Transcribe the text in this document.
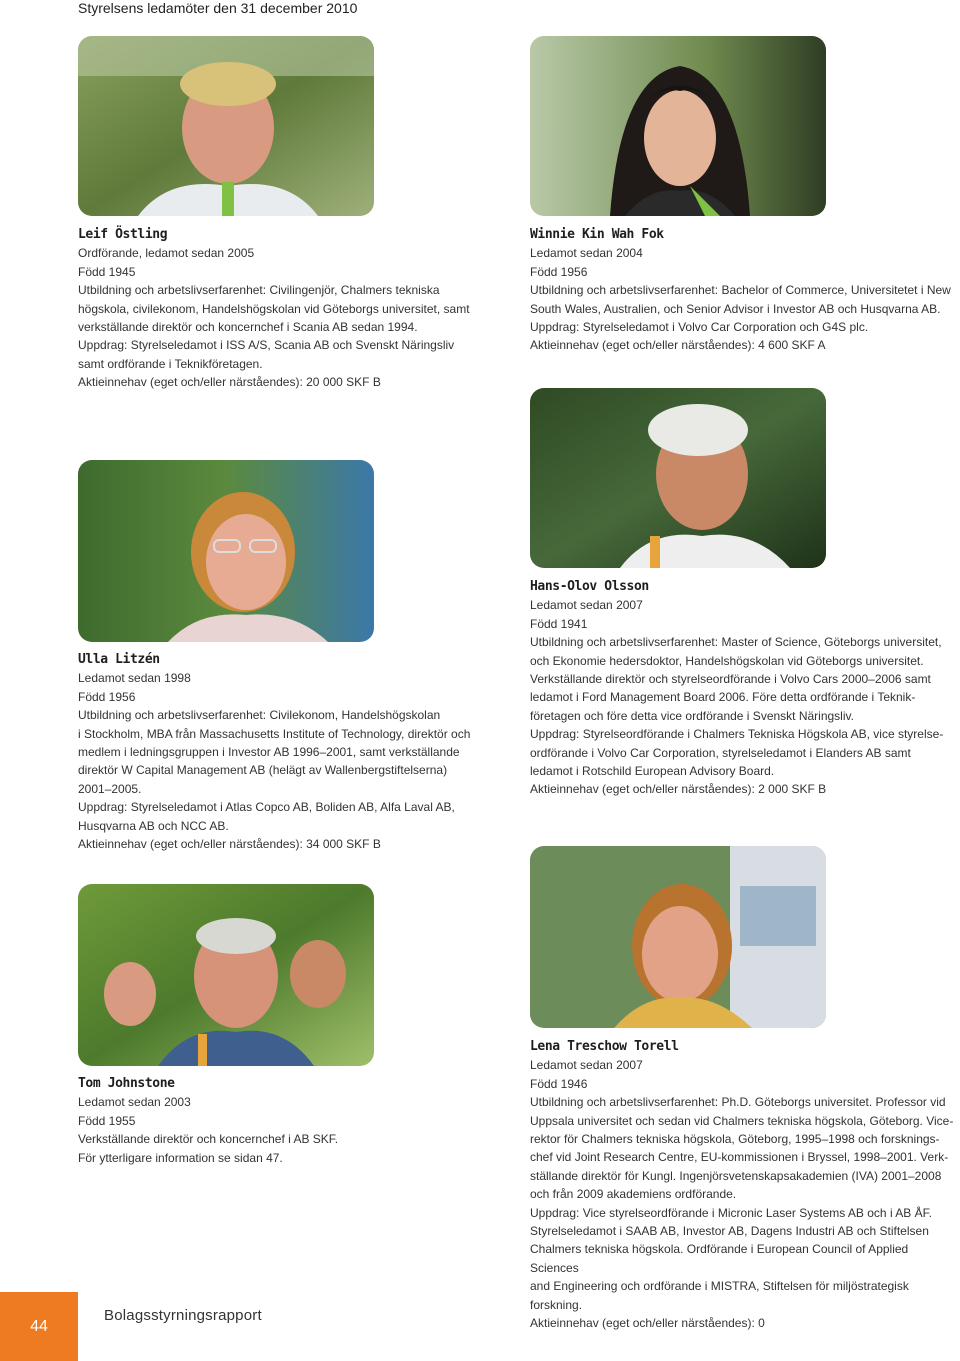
Styrelsens ledamöter den 31 december 2010

Leif Östling

Ordförande, ledamot sedan 2005

Född 1945

Utbildning och arbetslivserfarenhet: Civilingenjör, Chalmers tekniska

högskola, civilekonom, Handelshögskolan vid Göteborgs universitet, samt

verkställande direktör och koncernchef i Scania AB sedan 1994.

Uppdrag: Styrelseledamot i ISS A/S, Scania AB och Svenskt Näringsliv

samt ordförande i Teknikföretagen.

Aktieinnehav (eget och/eller närståendes): 20 000 SKF B

Winnie Kin Wah Fok

Ledamot sedan 2004

Född 1956

Utbildning och arbetslivserfarenhet: Bachelor of Commerce, Universitetet i New

South Wales, Australien, och Senior Advisor i Investor AB och Husqvarna AB.

Uppdrag: Styrelseledamot i Volvo Car Corporation och G4S plc.

Aktieinnehav (eget och/eller närståendes): 4 600 SKF A

Ulla Litzén

Ledamot sedan 1998

Född 1956

Utbildning och arbetslivserfarenhet: Civilekonom, Handelshögskolan

i Stockholm, MBA från Massachusetts Institute of Technology, direktör och

medlem i ledningsgruppen i Investor AB 1996–2001, samt verkställande

direktör W Capital Management AB (helägt av Wallenbergstiftelserna)

2001–2005.

Uppdrag: Styrelseledamot i Atlas Copco AB, Boliden AB, Alfa Laval AB,

Husqvarna AB och NCC AB.

Aktieinnehav (eget och/eller närståendes): 34 000 SKF B

Hans-Olov Olsson

Ledamot sedan 2007

Född 1941

Utbildning och arbetslivserfarenhet: Master of Science, Göteborgs universitet,

och Ekonomie hedersdoktor, Handelshögskolan vid Göteborgs universitet.

Verkställande direktör och styrelseordförande i Volvo Cars 2000–2006 samt

ledamot i Ford Management Board 2006. Före detta ordförande i Teknik-

företagen och före detta vice ordförande i Svenskt Näringsliv.

Uppdrag: Styrelseordförande i Chalmers Tekniska Högskola AB, vice styrelse-

ordförande i Volvo Car Corporation, styrelseledamot i Elanders AB samt

ledamot i Rotschild European Advisory Board.

Aktieinnehav (eget och/eller närståendes): 2 000 SKF B

Tom Johnstone

Ledamot sedan 2003

Född 1955

Verkställande direktör och koncernchef i AB SKF.

För ytterligare information se sidan 47.

Lena Treschow Torell

Ledamot sedan 2007

Född 1946

Utbildning och arbetslivserfarenhet: Ph.D. Göteborgs universitet. Professor vid

Uppsala universitet och sedan vid Chalmers tekniska högskola, Göteborg. Vice-

rektor för Chalmers tekniska högskola, Göteborg, 1995–1998 och forsknings-

chef vid Joint Research Centre, EU-kommissionen i Bryssel, 1998–2001. Verk-

ställande direktör för Kungl. Ingenjörsvetenskapsakademien (IVA) 2001–2008

och från 2009 akademiens ordförande.

Uppdrag: Vice styrelseordförande i Micronic Laser Systems AB och i AB ÅF.

Styrelseledamot i SAAB AB, Investor AB, Dagens Industri AB och Stiftelsen

Chalmers tekniska högskola. Ordförande i European Council of Applied Sciences

and Engineering och ordförande i MISTRA, Stiftelsen för miljöstrategisk forskning.

Aktieinnehav (eget och/eller närståendes): 0

44
Bolagsstyrningsrapport
